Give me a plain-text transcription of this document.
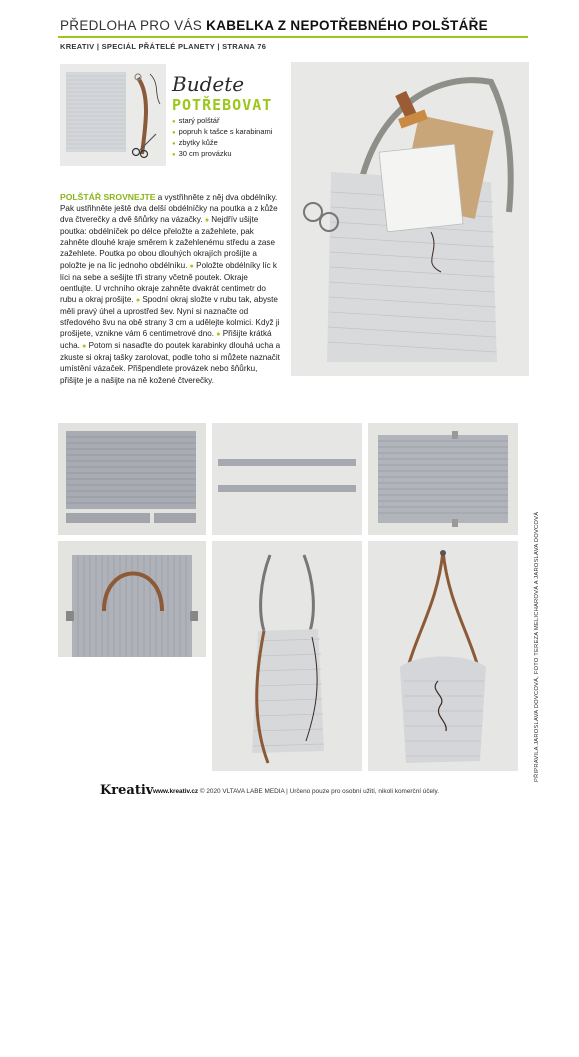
PŘEDLOHA PRO VÁS KABELKA Z NEPOTŘEBNÉHO POLŠTÁŘE
KREATIV | SPECIÁL PŘÁTELÉ PLANETY | STRANA 76
Budete
POTŘEBOVAT
● starý polštář
● popruh k tašce s karabinami
● zbytky kůže
● 30 cm provázku
POLŠTÁŘ SROVNEJTE a vystřihněte z něj dva obdélníky. Pak ustřihněte ještě dva delší obdélníčky na poutka a z kůže dva čtverečky a dvě šňůrky na vázačky. ● Nejdřív ušijte poutka: obdélníček po délce přeložte a zažehlete, pak zahněte dlouhé kraje směrem k zažehlenému středu a zase zažehlete. Poutka po obou dlouhých okrajích prošijte a položte je na líc jednoho obdélníku. ● Položte obdélníky líc k líci na sebe a sešijte tři strany včetně poutek. Okraje oentlujte. U vrchního okraje zahněte dvakrát centimetr do rubu a okraj prošijte. ● Spodní okraj složte v rubu tak, abyste měli pravý úhel a uprostřed šev. Nyní si naznačte od středového švu na obě strany 3 cm a udělejte kolmici. Když ji prošijete, vznikne vám 6 centimetrové dno. ● Přišijte krátká ucha. ● Potom si nasaďte do poutek karabinky dlouhá ucha a zkuste si okraj tašky zarolovat, podle toho si můžete naznačit umístění vázaček. Přišpendlete provázek nebo šňůrku, přišijte je a našijte na ně kožené čtverečky.
PŘIPRAVILA JAROSLAVA DOVCOVÁ, FOTO TEREZA MELICHAROVÁ A JAROSLAVA DOVCOVÁ
Kreativ www.kreativ.cz © 2020 VLTAVA LABE MEDIA | Určeno pouze pro osobní užití, nikoli komerční účely.
